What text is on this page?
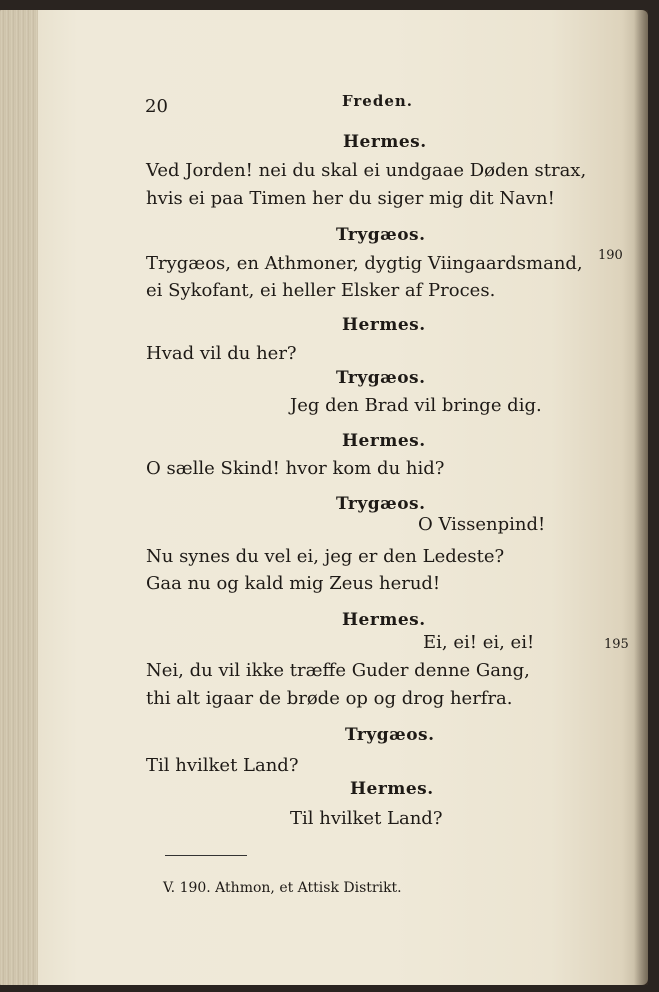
20	Freden.
Hermes.
Ved Jorden! nei du skal ei undgaae Døden strax,
hvis ei paa Timen her du siger mig dit Navn!
Trygæos.
Trygæos, en Athmoner, dygtig Viingaardsmand, 190
ei Sykofant, ei heller Elsker af Proces.
Hermes.
Hvad vil du her?
Trygæos.
Jeg den Brad vil bringe dig.
Hermes.
O sælle Skind! hvor kom du hid?
Trygæos.
O Vissenpind!
Nu synes du vel ei, jeg er den Ledeste?
Gaa nu og kald mig Zeus herud!
Hermes.
Ei, ei! ei, ei!	195
Nei, du vil ikke træffe Guder denne Gang,
thi alt igaar de brøde op og drog herfra.
Trygæos.
Til hvilket Land?
Hermes.
Til hvilket Land?
V. 190. Athmon, et Attisk Distrikt.
